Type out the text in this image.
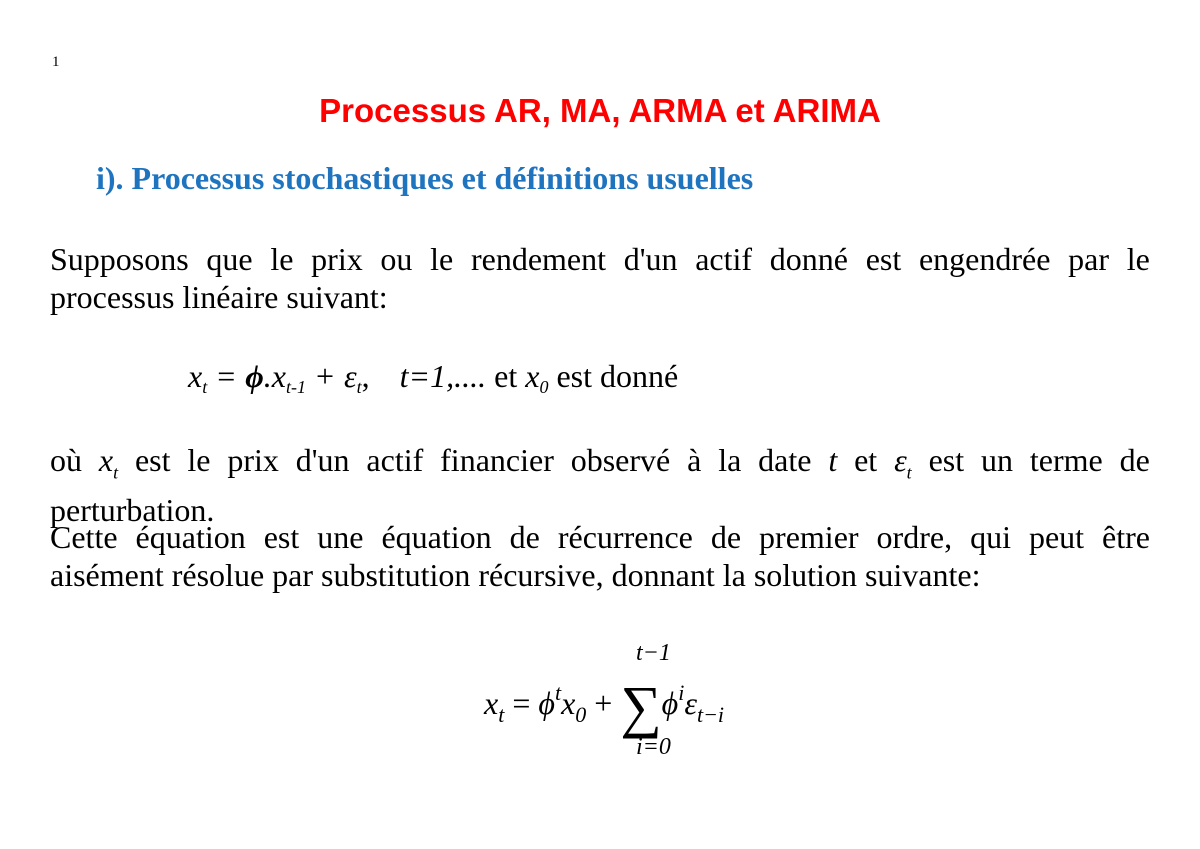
1
Processus AR, MA, ARMA et ARIMA
i). Processus stochastiques et définitions usuelles
Supposons que le prix ou le rendement d'un actif donné est engendrée par le
processus linéaire suivant:
$x_t = \phi.x_{t-1} + \varepsilon_t$, t=1,.... et $x_0$ est donné
où $x_t$ est le prix d'un actif financier observé à la date t et $\varepsilon_t$ est un terme de
perturbation.
Cette équation est une équation de récurrence de premier ordre, qui peut être
aisément résolue par substitution récursive, donnant la solution suivante:
t−1
$x_t = \phi^tx_0 + \sum\phi^i\varepsilon_{t-i}$
i=0
